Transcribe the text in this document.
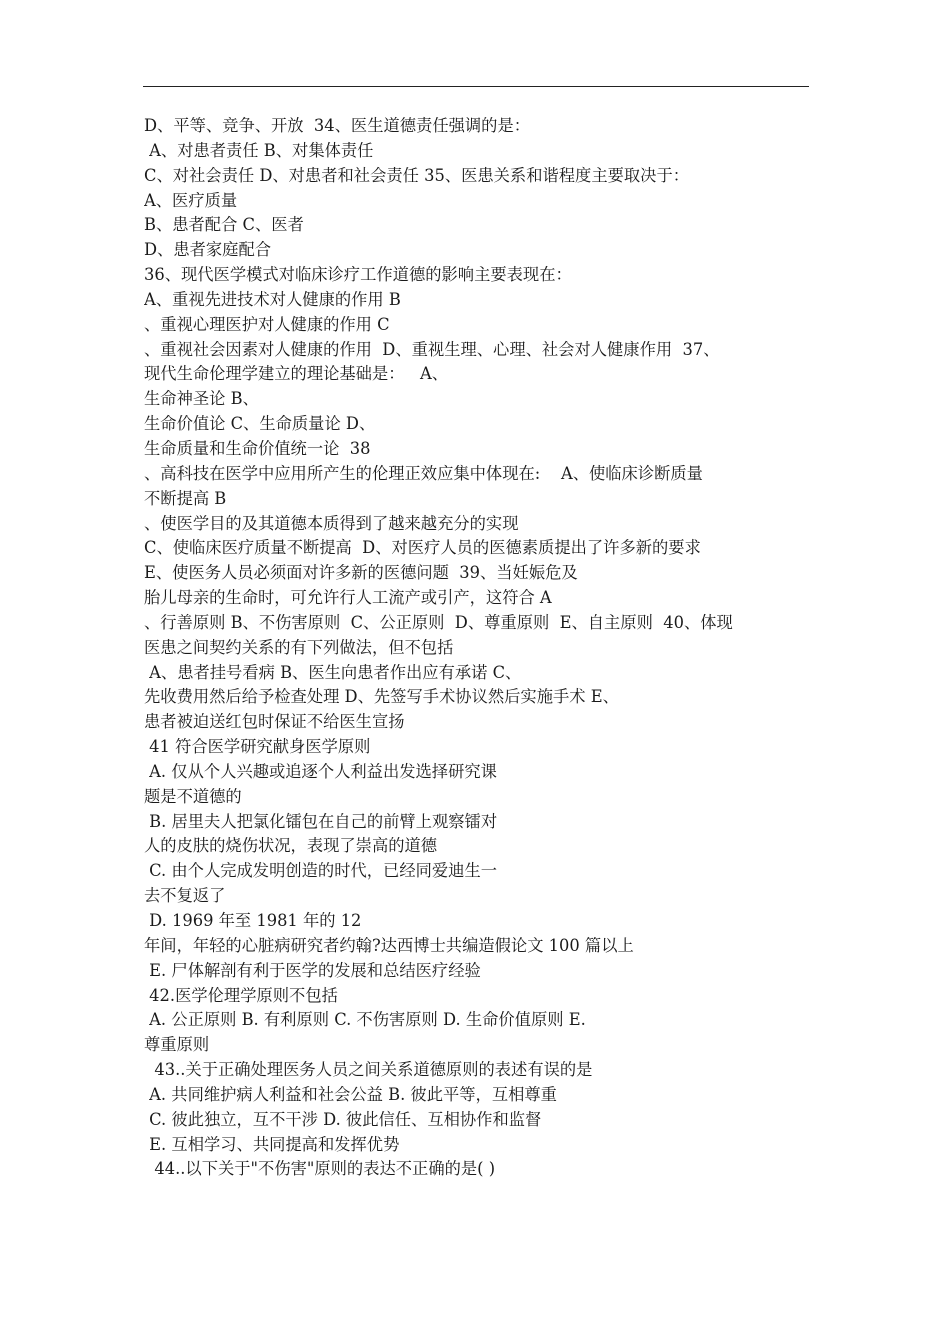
D、平等、竞争、开放  34、医生道德责任强调的是：
A、对患者责任 B、对集体责任
C、对社会责任 D、对患者和社会责任 35、医患关系和谐程度主要取决于：
A、医疗质量
B、患者配合 C、医者
D、患者家庭配合
36、现代医学模式对临床诊疗工作道德的影响主要表现在：
A、重视先进技术对人健康的作用 B
、重视心理医护对人健康的作用 C
、重视社会因素对人健康的作用  D、重视生理、心理、社会对人健康作用  37、
现代生命伦理学建立的理论基础是：   A、
生命神圣论 B、
生命价值论 C、生命质量论 D、
生命质量和生命价值统一论  38
、高科技在医学中应用所产生的伦理正效应集中体现在:    A、使临床诊断质量
不断提高 B
、使医学目的及其道德本质得到了越来越充分的实现
C、使临床医疗质量不断提高  D、对医疗人员的医德素质提出了许多新的要求
E、使医务人员必须面对许多新的医德问题  39、当妊娠危及
胎儿母亲的生命时，可允许行人工流产或引产，这符合 A
、行善原则 B、不伤害原则  C、公正原则  D、尊重原则  E、自主原则  40、体现
医患之间契约关系的有下列做法，但不包括
A、患者挂号看病 B、医生向患者作出应有承诺 C、
先收费用然后给予检查处理 D、先签写手术协议然后实施手术 E、
患者被迫送红包时保证不给医生宣扬
41 符合医学研究献身医学原则
A. 仅从个人兴趣或追逐个人利益出发选择研究课
题是不道德的
B. 居里夫人把氯化镭包在自己的前臂上观察镭对
人的皮肤的烧伤状况，表现了崇高的道德
C. 由个人完成发明创造的时代，已经同爱迪生一
去不复返了
D. 1969 年至 1981 年的 12
年间，年轻的心脏病研究者约翰?达西博士共编造假论文 100 篇以上
E. 尸体解剖有利于医学的发展和总结医疗经验
42.医学伦理学原则不包括
A. 公正原则 B. 有利原则 C. 不伤害原则 D. 生命价值原则 E.
尊重原则
43..关于正确处理医务人员之间关系道德原则的表述有误的是
A. 共同维护病人利益和社会公益 B. 彼此平等，互相尊重
C. 彼此独立，互不干涉 D. 彼此信任、互相协作和监督
E. 互相学习、共同提高和发挥优势
44..以下关于"不伤害"原则的表达不正确的是( )
